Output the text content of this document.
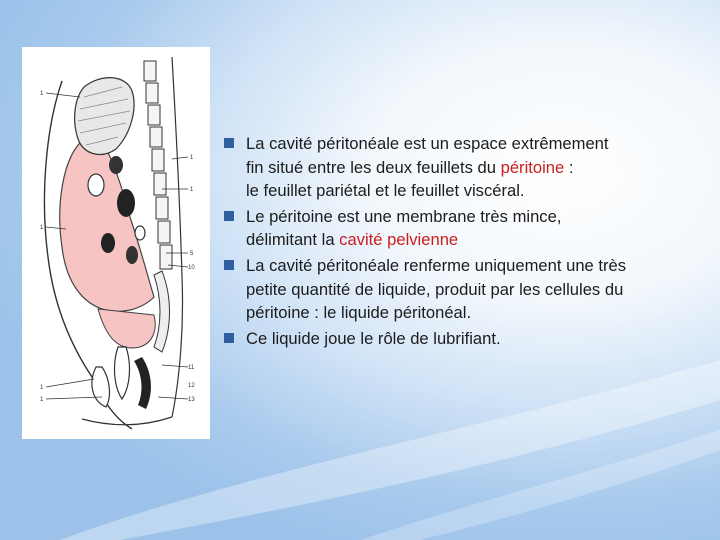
1
1
1
1
1
1
5
10
11
12
13
La cavité péritonéale est un espace extrêmement
fin situé entre les deux feuillets du péritoine :
le feuillet pariétal et le feuillet viscéral.
Le péritoine est une membrane très mince,
délimitant la cavité pelvienne
La cavité péritonéale renferme uniquement une très
petite quantité de liquide, produit par les cellules du
péritoine : le liquide péritonéal.
Ce liquide joue le rôle de lubrifiant.
